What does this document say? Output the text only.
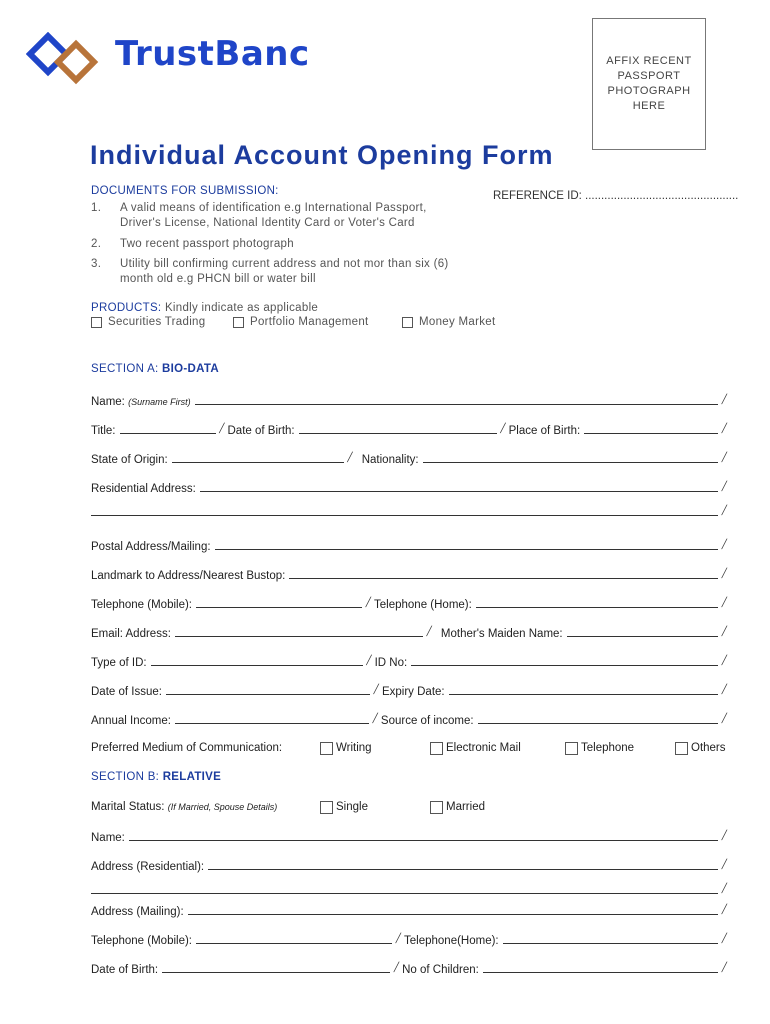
TrustBanc	AFFIX RECENT PASSPORT PHOTOGRAPH HERE
Individual Account Opening Form
DOCUMENTS FOR SUBMISSION:	REFERENCE ID: ................................................
1. A valid means of identification e.g International Passport, Driver's License, National Identity Card or Voter's Card
2. Two recent passport photograph
3. Utility bill confirming current address and not mor than six (6) month old e.g PHCN bill or water bill
PRODUCTS: Kindly indicate as applicable
Securities Trading	Portfolio Management	Money Market
SECTION A: BIO-DATA
Name: (Surname First)
╱
Title: ╱	Date of Birth: ╱	Place of Birth:
╱
State of Origin: ╱	Nationality:
╱
Residential Address:
╱
╱
Postal Address/Mailing:
╱
Landmark to Address/Nearest Bustop:
╱
Telephone (Mobile): ╱	Telephone (Home):
╱
Email: Address: ╱	Mother's Maiden Name:
╱
Type of ID: ╱	ID No:
╱
Date of Issue: ╱	Expiry Date:
╱
Annual Income: ╱	Source of income:
╱
Preferred Medium of Communication:	Writing	Electronic Mail	Telephone	Others
SECTION B: RELATIVE
Marital Status: (If Married, Spouse Details)	Single	Married
Name:
╱
Address (Residential):
╱
╱
Address (Mailing):
╱
Telephone (Mobile): ╱	Telephone(Home):
╱
Date of Birth: ╱	No of Children:
╱
